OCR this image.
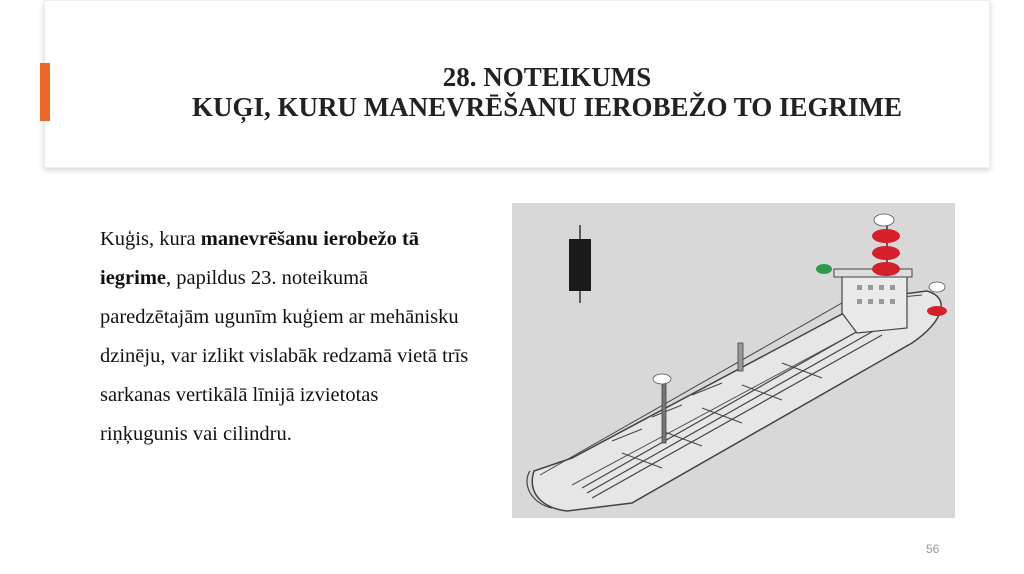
28. NOTEIKUMS
KUĢI, KURU MANEVRĒŠANU IEROBEŽO TO IEGRIME

Kuģis, kura manevrēšanu ierobežo tā iegrime, papildus 23. noteikumā paredzētajām ugunīm kuģiem ar mehānisku dzinēju, var izlikt vislabāk redzamā vietā trīs sarkanas vertikālā līnijā izvietotas riņķugunis vai cilindru.

56
